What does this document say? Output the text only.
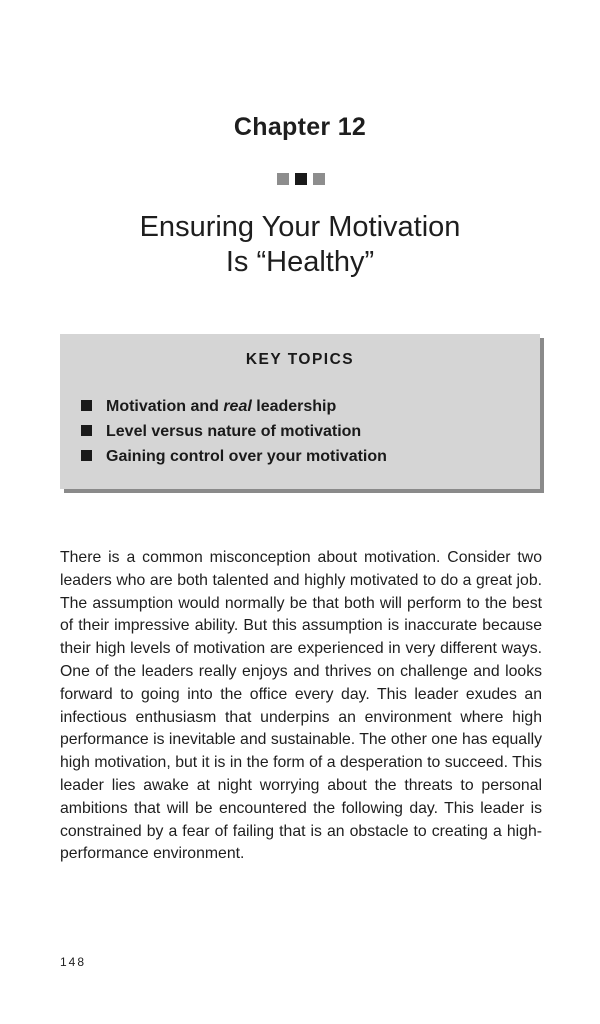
Chapter 12
Ensuring Your Motivation
Is “Healthy”
KEY TOPICS
Motivation and real leadership
Level versus nature of motivation
Gaining control over your motivation

There is a common misconception about motivation. Consider two leaders who are both talented and highly motivated to do a great job. The assumption would normally be that both will perform to the best of their impressive ability. But this assumption is inaccurate because their high levels of motivation are experienced in very different ways. One of the leaders really enjoys and thrives on challenge and looks forward to going into the office every day. This leader exudes an infectious enthusiasm that underpins an environment where high performance is inevitable and sustainable. The other one has equally high motivation, but it is in the form of a desperation to succeed. This leader lies awake at night worrying about the threats to personal ambitions that will be encountered the following day. This leader is constrained by a fear of failing that is an obstacle to creating a high-performance environment.

148
